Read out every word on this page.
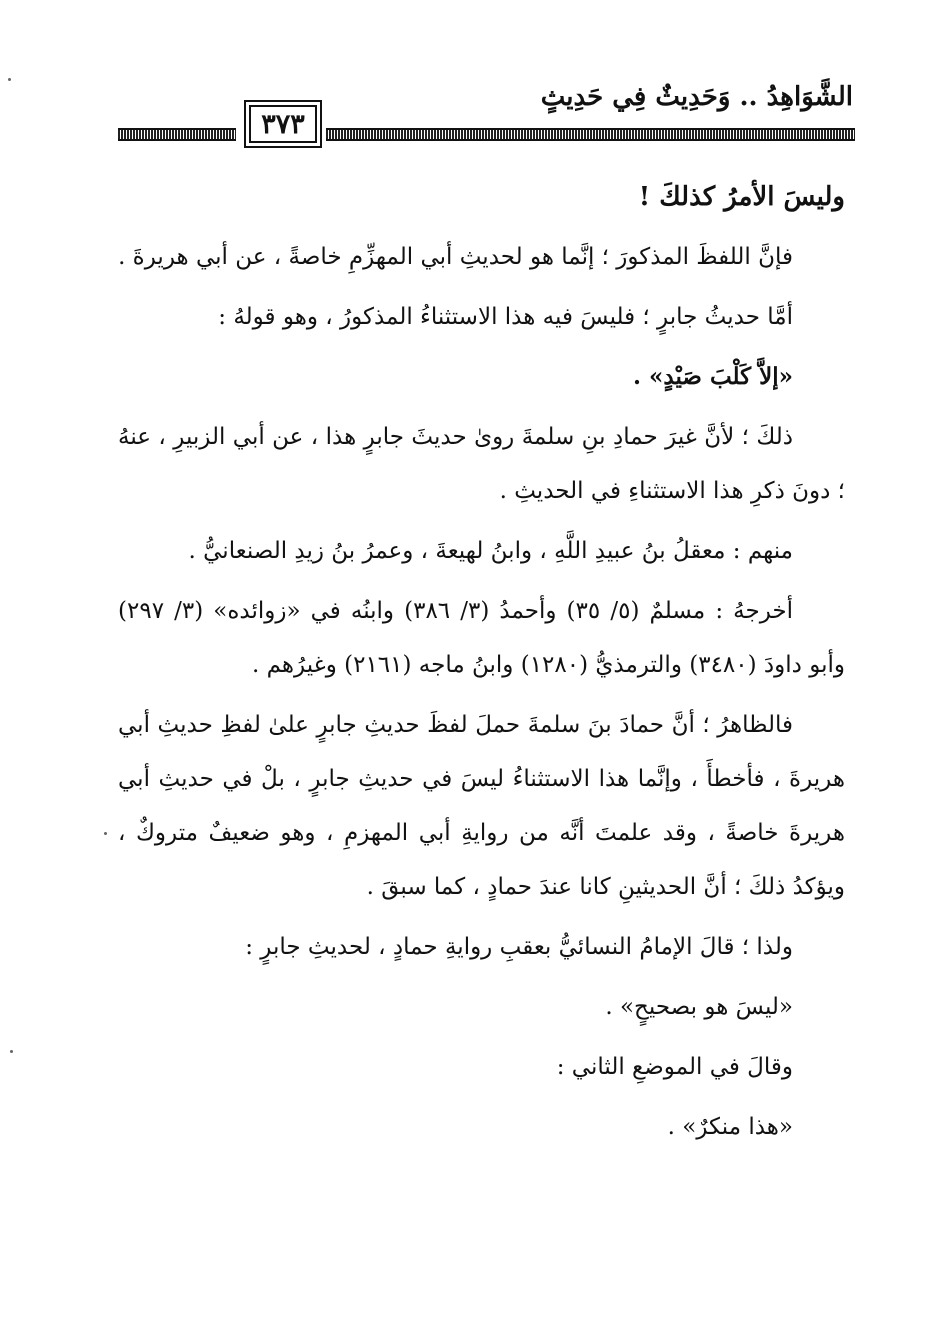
الشَّوَاهِدُ .. وَحَدِيثٌ فِي حَدِيثٍ
٣٧٣

وليسَ الأمرُ كذلكَ !

فإنَّ اللفظَ المذكورَ ؛ إنَّما هو لحديثِ أبي المهزِّمِ خاصةً ، عن أبي هريرةَ .

أمَّا حديثُ جابرٍ ؛ فليسَ فيه هذا الاستثناءُ المذكورُ ، وهو قولهُ :

«إلاَّ كَلْبَ صَيْدٍ» .

ذلكَ ؛ لأنَّ غيرَ حمادِ بنِ سلمةَ روىٰ حديثَ جابرٍ هذا ، عن أبي الزبيرِ ، عنهُ ؛ دونَ ذكرِ هذا الاستثناءِ في الحديثِ .

منهم : معقلُ بنُ عبيدِ اللَّهِ ، وابنُ لهيعةَ ، وعمرُ بنُ زيدِ الصنعانيُّ .

أخرجهُ : مسلمٌ (٥/ ٣٥) وأحمدُ (٣/ ٣٨٦) وابنُه في «زوائده» (٣/ ٢٩٧) وأبو داودَ (٣٤٨٠) والترمذيُّ (١٢٨٠) وابنُ ماجه (٢١٦١) وغيرُهم .

فالظاهرُ ؛ أنَّ حمادَ بنَ سلمةَ حملَ لفظَ حديثِ جابرٍ علىٰ لفظِ حديثِ أبي هريرةَ ، فأخطأَ ، وإنَّما هذا الاستثناءُ ليسَ في حديثِ جابرٍ ، بلْ في حديثِ أبي هريرةَ خاصةً ، وقد علمتَ أنَّه من روايةِ أبي المهزمِ ، وهو ضعيفٌ متروكٌ ، ويؤكدُ ذلكَ ؛ أنَّ الحديثينِ كانا عندَ حمادٍ ، كما سبقَ .

ولذا ؛ قالَ الإمامُ النسائيُّ بعقبِ روايةِ حمادٍ ، لحديثِ جابرٍ :

«ليسَ هو بصحيحٍ» .

وقالَ في الموضعِ الثاني :

«هذا منكرٌ» .
